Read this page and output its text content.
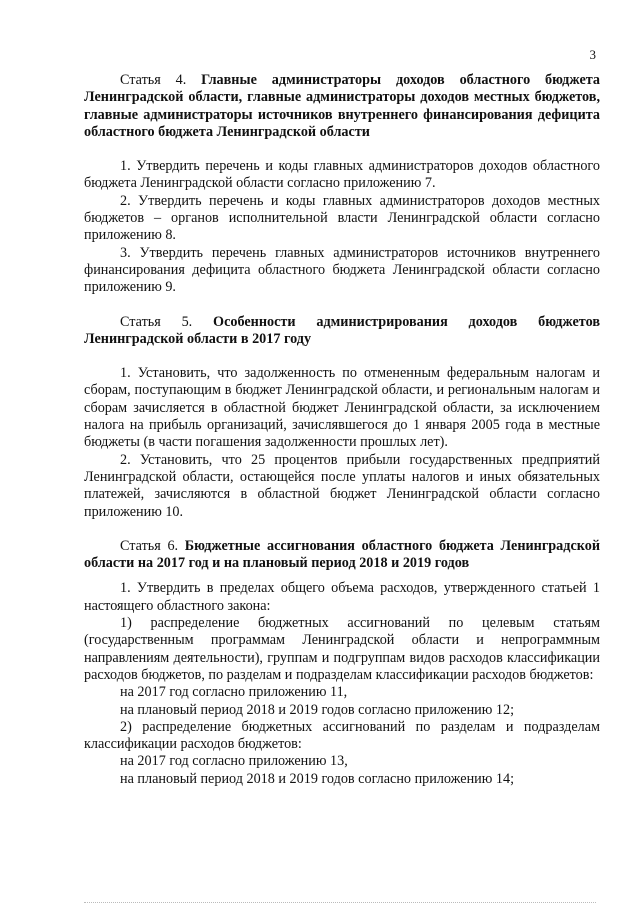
3

Статья 4. Главные администраторы доходов областного бюджета Ленинградской области, главные администраторы доходов местных бюджетов, главные администраторы источников внутреннего финансирования дефицита областного бюджета Ленинградской области

1. Утвердить перечень и коды главных администраторов доходов областного бюджета Ленинградской области согласно приложению 7.

2. Утвердить перечень и коды главных администраторов доходов местных бюджетов – органов исполнительной власти Ленинградской области согласно приложению 8.

3. Утвердить перечень главных администраторов источников внутреннего финансирования дефицита областного бюджета Ленинградской области согласно приложению 9.

Статья 5. Особенности администрирования доходов бюджетов Ленинградской области в 2017 году

1. Установить, что задолженность по отмененным федеральным налогам и сборам, поступающим в бюджет Ленинградской области, и региональным налогам и сборам зачисляется в областной бюджет Ленинградской области, за исключением налога на прибыль организаций, зачислявшегося до 1 января 2005 года в местные бюджеты (в части погашения задолженности прошлых лет).

2. Установить, что 25 процентов прибыли государственных предприятий Ленинградской области, остающейся после уплаты налогов и иных обязательных платежей, зачисляются в областной бюджет Ленинградской области согласно приложению 10.

Статья 6. Бюджетные ассигнования областного бюджета Ленинградской области на 2017 год и на плановый период 2018 и 2019 годов

1. Утвердить в пределах общего объема расходов, утвержденного статьей 1 настоящего областного закона:

1) распределение бюджетных ассигнований по целевым статьям (государственным программам Ленинградской области и непрограммным направлениям деятельности), группам и подгруппам видов расходов классификации расходов бюджетов, по разделам и подразделам классификации расходов бюджетов:

на 2017 год согласно приложению 11,

на плановый период 2018 и 2019 годов согласно приложению 12;

2) распределение бюджетных ассигнований по разделам и подразделам классификации расходов бюджетов:

на 2017 год согласно приложению 13,

на плановый период 2018 и 2019 годов согласно приложению 14;
